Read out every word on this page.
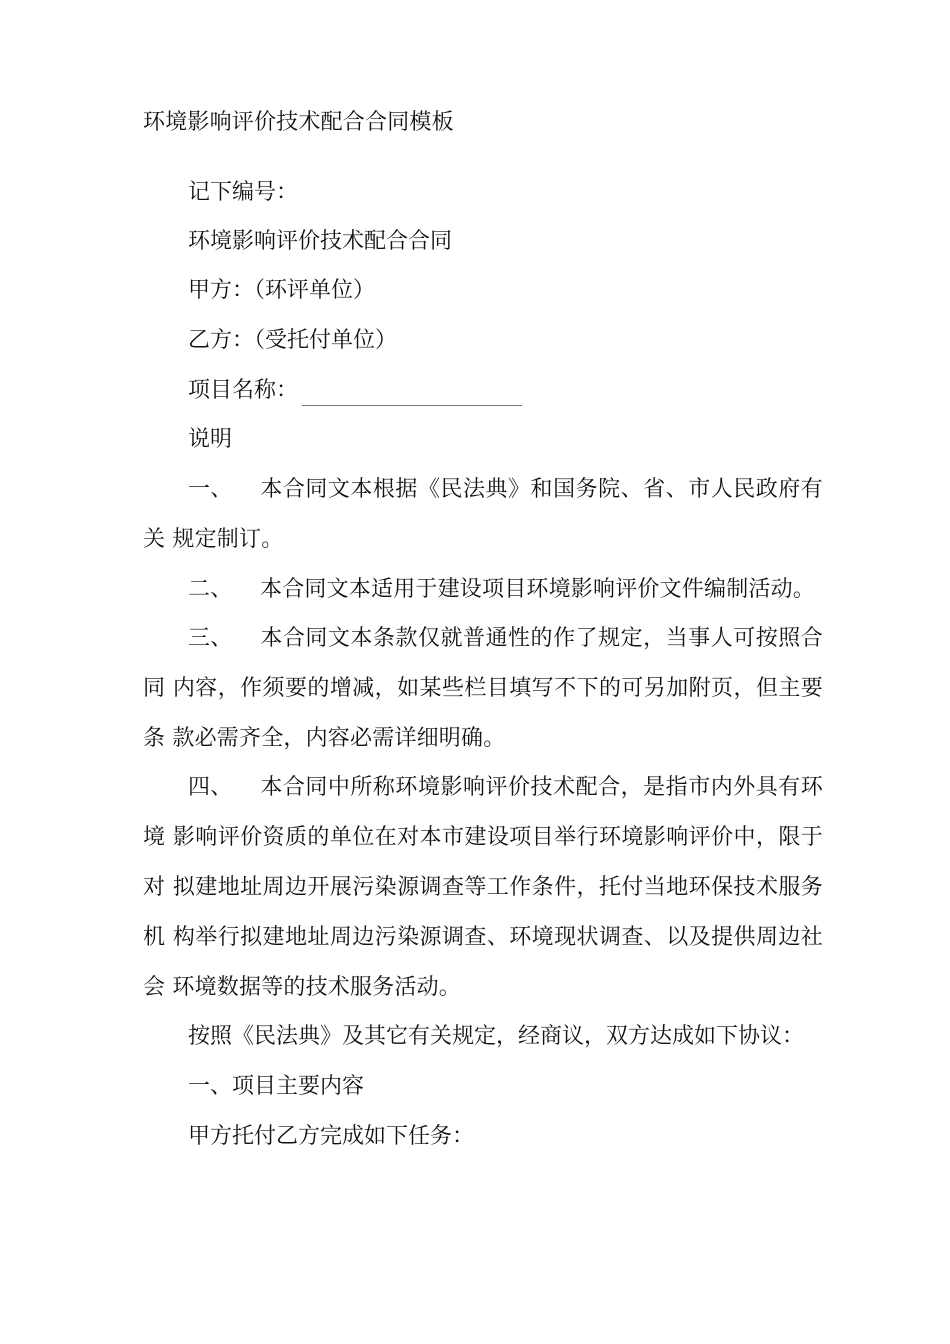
环境影响评价技术配合合同模板
记下编号：
环境影响评价技术配合合同
甲方：（环评单位）
乙方：（受托付单位）
项目名称：
说明
一、 本合同文本根据《民法典》和国务院、省、市人民政府有关 规定制订。
二、 本合同文本适用于建设项目环境影响评价文件编制活动。
三、 本合同文本条款仅就普通性的作了规定，当事人可按照合同 内容，作须要的增减，如某些栏目填写不下的可另加附页，但主要条 款必需齐全，内容必需详细明确。
四、 本合同中所称环境影响评价技术配合，是指市内外具有环境 影响评价资质的单位在对本市建设项目举行环境影响评价中，限于对 拟建地址周边开展污染源调查等工作条件，托付当地环保技术服务机 构举行拟建地址周边污染源调查、环境现状调查、以及提供周边社会 环境数据等的技术服务活动。
按照《民法典》及其它有关规定，经商议，双方达成如下协议：
一、项目主要内容
甲方托付乙方完成如下任务：
